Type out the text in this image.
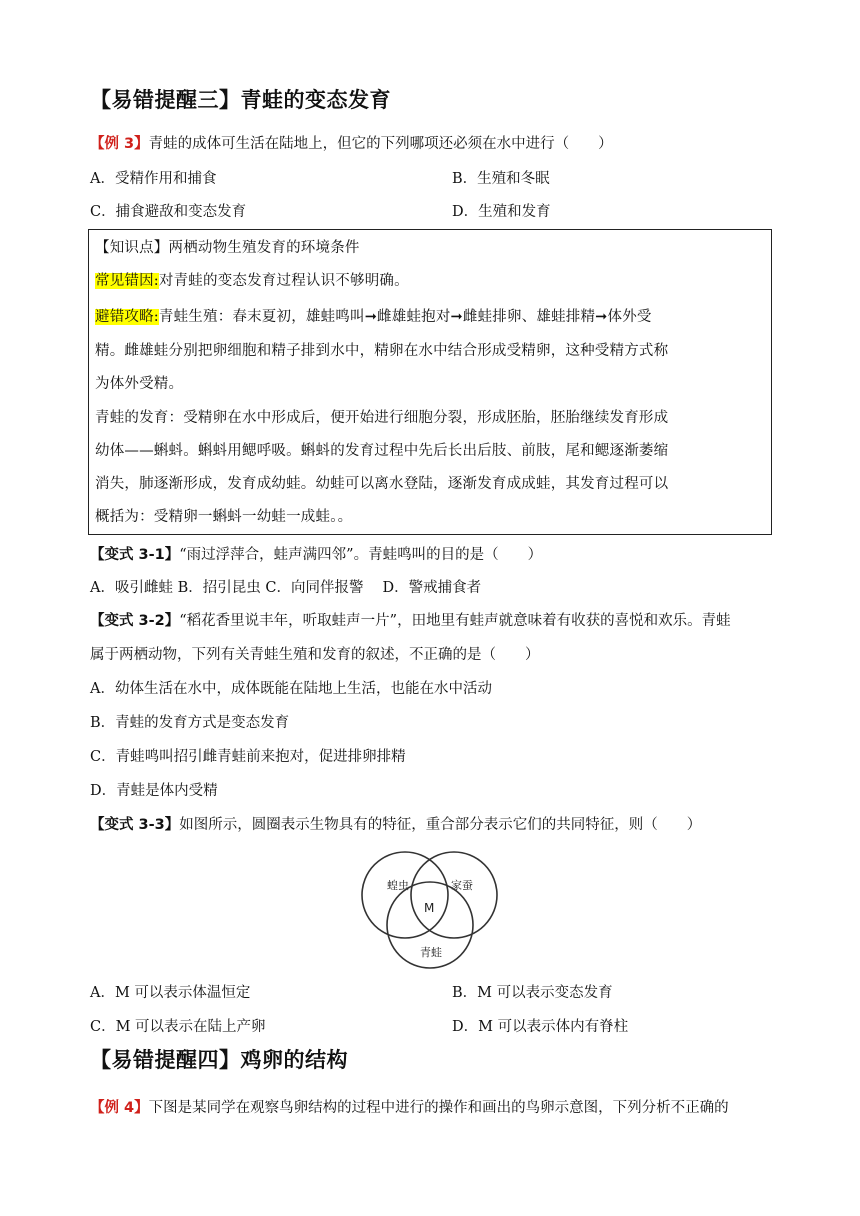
【易错提醒三】青蛙的变态发育
【例 3】青蛙的成体可生活在陆地上，但它的下列哪项还必须在水中进行（　　）
A．受精作用和捕食	B．生殖和冬眠
C．捕食避敌和变态发育	D．生殖和发育
【知识点】两栖动物生殖发育的环境条件
常见错因:对青蛙的变态发育过程认识不够明确。
避错攻略:青蛙生殖：春末夏初，雄蛙鸣叫➞雌雄蛙抱对➞雌蛙排卵、雄蛙排精➞体外受
精。雌雄蛙分别把卵细胞和精子排到水中，精卵在水中结合形成受精卵，这种受精方式称
为体外受精。
青蛙的发育：受精卵在水中形成后，便开始进行细胞分裂，形成胚胎，胚胎继续发育形成
幼体——蝌蚪。蝌蚪用鳃呼吸。蝌蚪的发育过程中先后长出后肢、前肢，尾和鳃逐渐萎缩
消失，肺逐渐形成，发育成幼蛙。幼蛙可以离水登陆，逐渐发育成成蛙，其发育过程可以
概括为：受精卵一蝌蚪一幼蛙一成蛙。。
【变式 3-1】“雨过浮萍合，蛙声满四邻”。青蛙鸣叫的目的是（　　）
A．吸引雌蛙 B．招引昆虫 C．向同伴报警　 D．警戒捕食者
【变式 3-2】“稻花香里说丰年，听取蛙声一片”，田地里有蛙声就意味着有收获的喜悦和欢乐。青蛙
属于两栖动物，下列有关青蛙生殖和发育的叙述，不正确的是（　　）
A．幼体生活在水中，成体既能在陆地上生活，也能在水中活动
B．青蛙的发育方式是变态发育
C．青蛙鸣叫招引雌青蛙前来抱对，促进排卵排精
D．青蛙是体内受精
【变式 3-3】如图所示，圆圈表示生物具有的特征，重合部分表示它们的共同特征，则（　　）
蝗虫	家蚕
青蛙
M
A．M 可以表示体温恒定	B．M 可以表示变态发育
C．M 可以表示在陆上产卵	D．M 可以表示体内有脊柱
【易错提醒四】鸡卵的结构
【例 4】下图是某同学在观察鸟卵结构的过程中进行的操作和画出的鸟卵示意图，下列分析不正确的
